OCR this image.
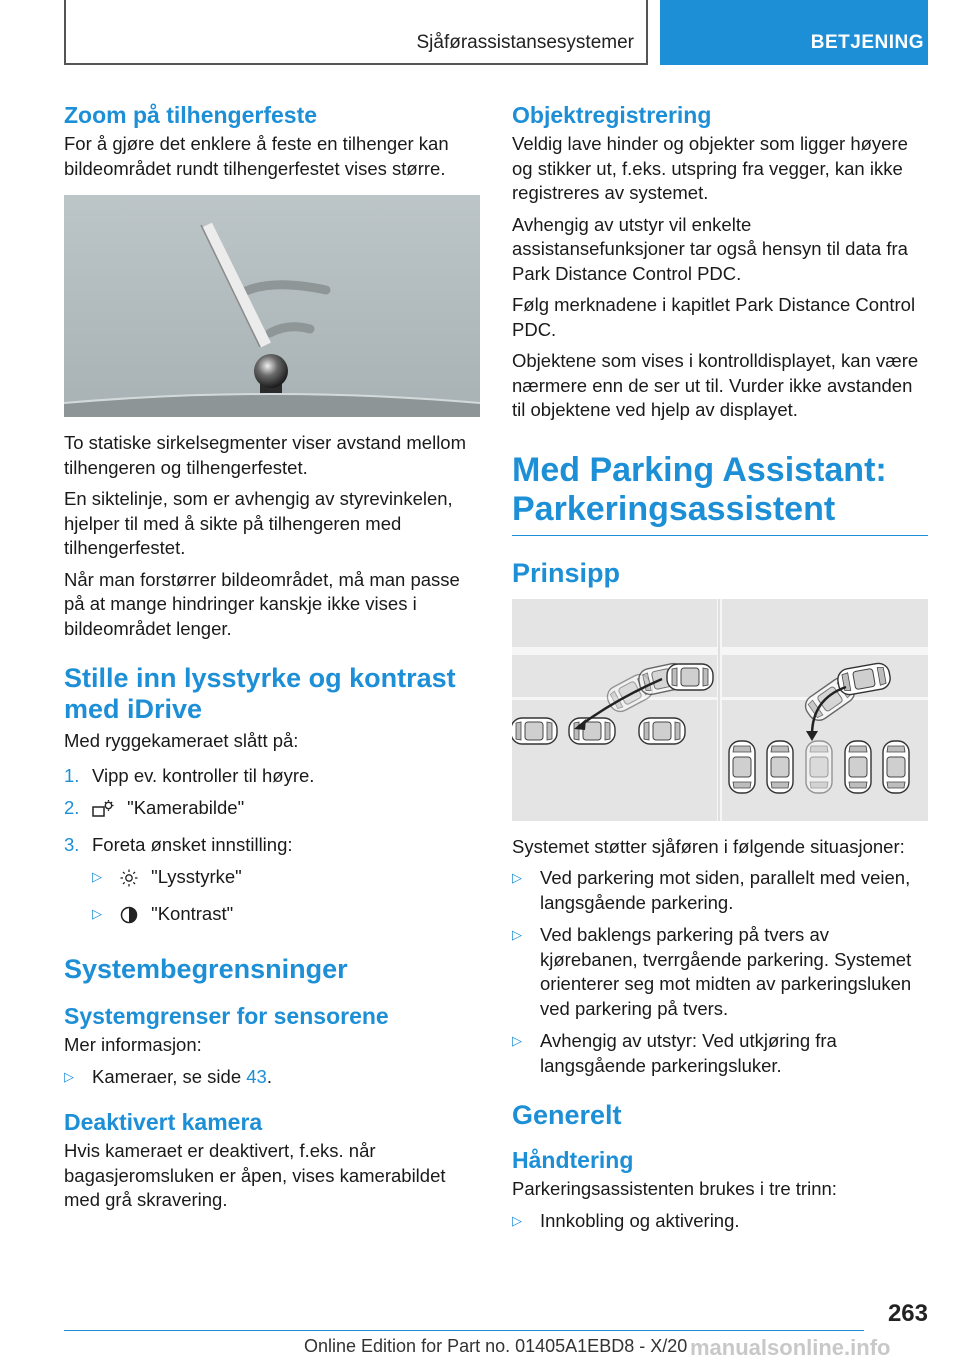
Sjåførassistansesystemer	BETJENING
Zoom på tilhengerfeste

For å gjøre det enklere å feste en tilhenger kan bildeområdet rundt tilhengerfestet vises større.

To statiske sirkelsegmenter viser avstand mellom tilhengeren og tilhengerfestet.

En siktelinje, som er avhengig av styrevinkelen, hjelper til med å sikte på tilhengeren med tilhengerfestet.

Når man forstørrer bildeområdet, må man passe på at mange hindringer kanskje ikke vises i bildeområdet lenger.

Stille inn lysstyrke og kontrast med iDrive

Med ryggekameraet slått på:

1. Vipp ev. kontroller til høyre.
2.	"Kamerabilde"
3. Foreta ønsket innstilling:
▷	"Lysstyrke"
▷	"Kontrast"
Systembegrensninger
Systemgrenser for sensorene

Mer informasjon:

▷ Kameraer, se side 43.
Deaktivert kamera

Hvis kameraet er deaktivert, f.eks. når bagasjeromsluken er åpen, vises kamerabildet med grå skravering.

Objektregistrering

Veldig lave hinder og objekter som ligger høyere og stikker ut, f.eks. utspring fra vegger, kan ikke registreres av systemet.

Avhengig av utstyr vil enkelte assistansefunksjoner tar også hensyn til data fra Park Distance Control PDC.

Følg merknadene i kapitlet Park Distance Control PDC.

Objektene som vises i kontrolldisplayet, kan være nærmere enn de ser ut til. Vurder ikke avstanden til objektene ved hjelp av displayet.

Med Parking Assistant: Parkeringsassistent
Prinsipp

Systemet støtter sjåføren i følgende situasjoner:

▷ Ved parkering mot siden, parallelt med veien, langsgående parkering.
▷ Ved baklengs parkering på tvers av kjørebanen, tverrgående parkering. Systemet orienterer seg mot midten av parkeringsluken ved parkering på tvers.
▷ Avhengig av utstyr: Ved utkjøring fra langsgående parkeringsluker.
Generelt
Håndtering

Parkeringsassistenten brukes i tre trinn:

▷ Innkobling og aktivering.
263
Online Edition for Part no. 01405A1EBD8 - X/20 manualsonline.info
